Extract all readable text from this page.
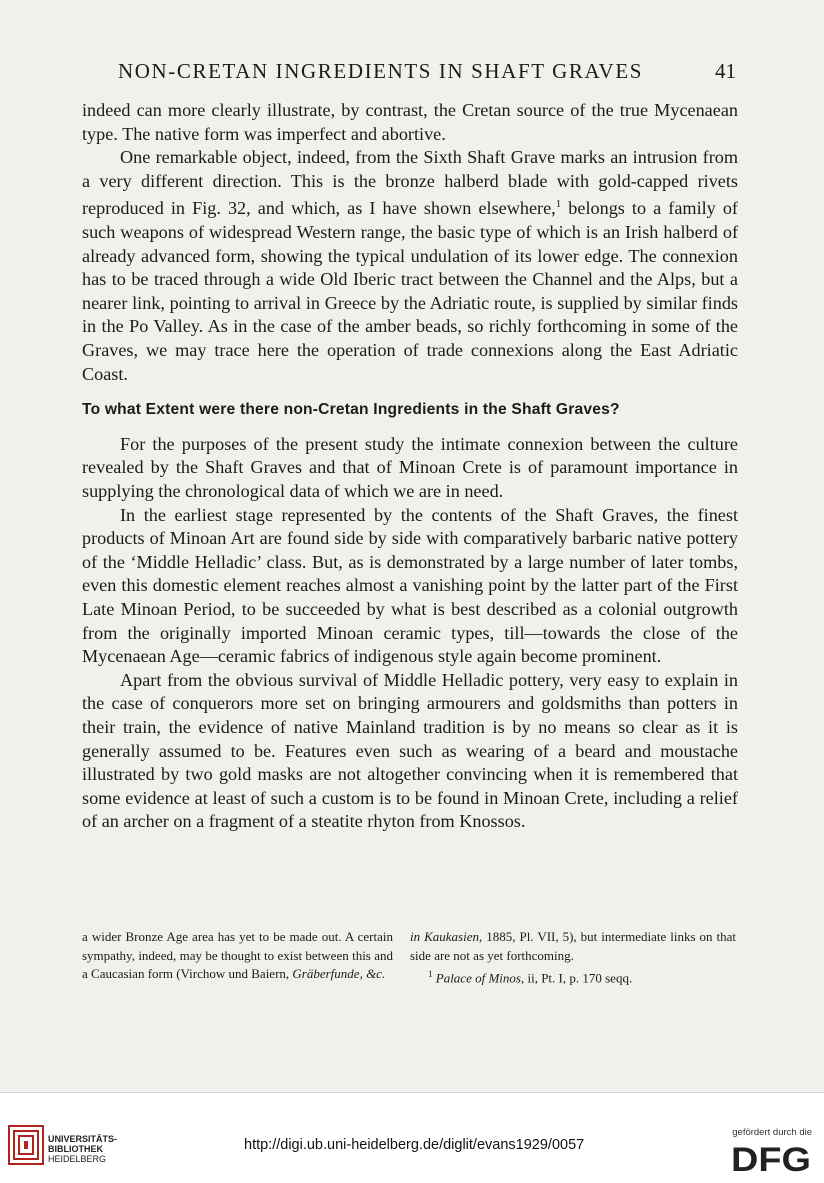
NON-CRETAN INGREDIENTS IN SHAFT GRAVES	41

indeed can more clearly illustrate, by contrast, the Cretan source of the true Mycenaean type. The native form was imperfect and abortive.

One remarkable object, indeed, from the Sixth Shaft Grave marks an intrusion from a very different direction. This is the bronze halberd blade with gold-capped rivets reproduced in Fig. 32, and which, as I have shown elsewhere,$^1$ belongs to a family of such weapons of widespread Western range, the basic type of which is an Irish halberd of already advanced form, showing the typical undulation of its lower edge. The connexion has to be traced through a wide Old Iberic tract between the Channel and the Alps, but a nearer link, pointing to arrival in Greece by the Adriatic route, is supplied by similar finds in the Po Valley. As in the case of the amber beads, so richly forthcoming in some of the Graves, we may trace here the operation of trade connexions along the East Adriatic Coast.

To what Extent were there non-Cretan Ingredients in the Shaft Graves?

For the purposes of the present study the intimate connexion between the culture revealed by the Shaft Graves and that of Minoan Crete is of paramount importance in supplying the chronological data of which we are in need.

In the earliest stage represented by the contents of the Shaft Graves, the finest products of Minoan Art are found side by side with comparatively barbaric native pottery of the ‘Middle Helladic’ class. But, as is demonstrated by a large number of later tombs, even this domestic element reaches almost a vanishing point by the latter part of the First Late Minoan Period, to be succeeded by what is best described as a colonial outgrowth from the originally imported Minoan ceramic types, till—towards the close of the Mycenaean Age—ceramic fabrics of indigenous style again become prominent.

Apart from the obvious survival of Middle Helladic pottery, very easy to explain in the case of conquerors more set on bringing armourers and goldsmiths than potters in their train, the evidence of native Mainland tradition is by no means so clear as it is generally assumed to be. Features even such as wearing of a beard and moustache illustrated by two gold masks are not altogether convincing when it is remembered that some evidence at least of such a custom is to be found in Minoan Crete, including a relief of an archer on a fragment of a steatite rhyton from Knossos.

a wider Bronze Age area has yet to be made out. A certain sympathy, indeed, may be thought to exist between this and a Caucasian form (Virchow und Baiern, Gräberfunde, &c.

in Kaukasien, 1885, Pl. VII, 5), but intermediate links on that side are not as yet forthcoming.

$^1$ Palace of Minos, ii, Pt. I, p. 170 seqq.

UNIVERSITÄTS-
BIBLIOTHEK
HEIDELBERG
http://digi.ub.uni-heidelberg.de/diglit/evans1929/0057
gefördert durch die
DFG
